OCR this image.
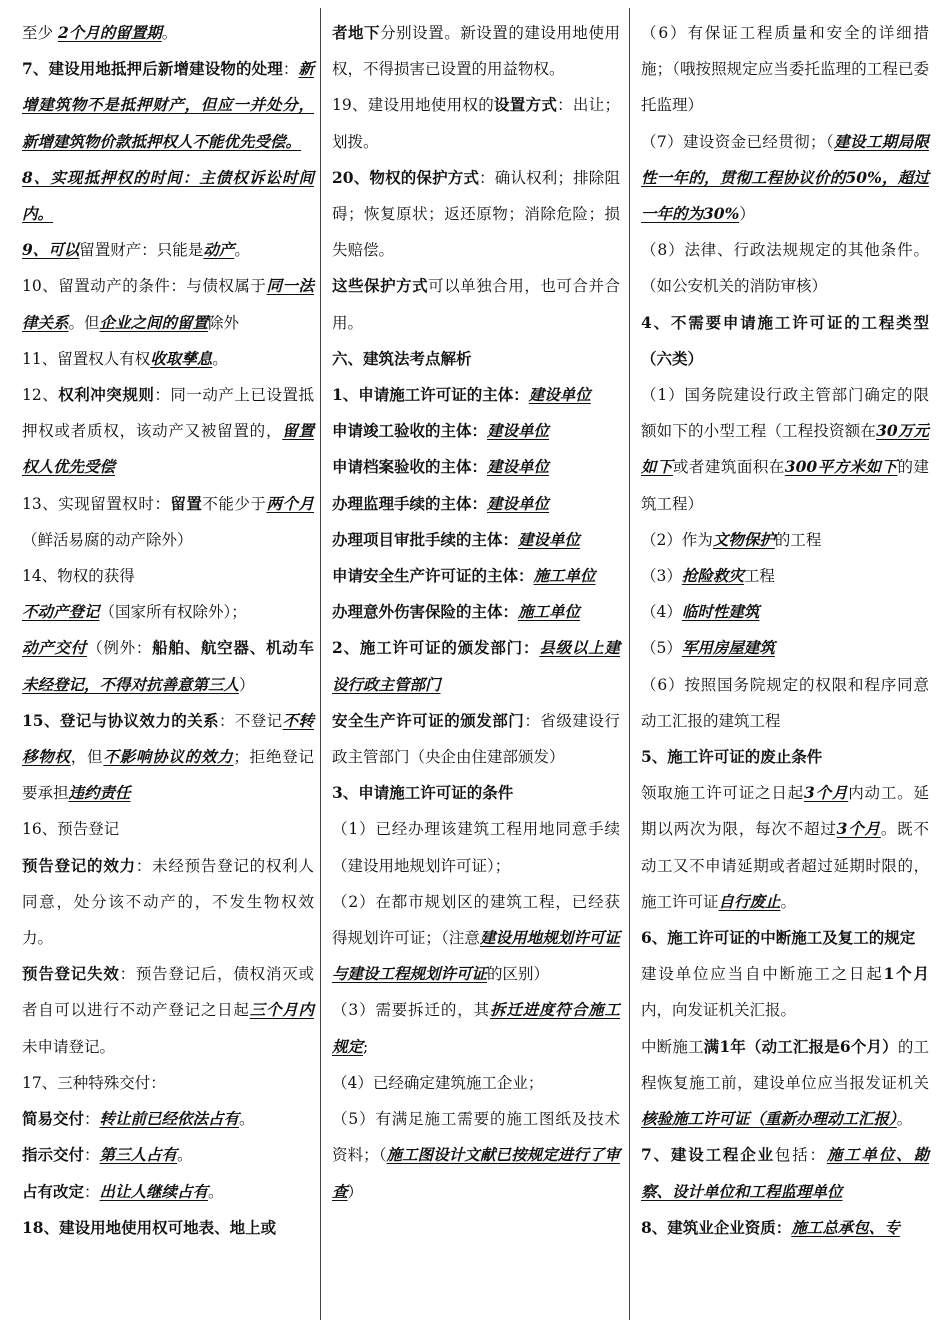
至少 2个月的留置期。

7、建设用地抵押后新增建设物的处理：新增建筑物不是抵押财产，但应一并处分，新增建筑物价款抵押权人不能优先受偿。

8、实现抵押权的时间：主债权诉讼时间内。

9、可以留置财产：只能是动产。

10、留置动产的条件：与债权属于同一法律关系。但企业之间的留置除外

11、留置权人有权收取孳息。

12、权利冲突规则：同一动产上已设置抵押权或者质权，该动产又被留置的，留置权人优先受偿

13、实现留置权时：留置不能少于两个月（鲜活易腐的动产除外）

14、物权的获得

不动产登记（国家所有权除外）；

动产交付（例外：船舶、航空器、机动车未经登记，不得对抗善意第三人）

15、登记与协议效力的关系：不登记不转移物权，但不影响协议的效力；拒绝登记要承担违约责任

16、预告登记

预告登记的效力：未经预告登记的权利人同意，处分该不动产的，不发生物权效力。

预告登记失效：预告登记后，债权消灭或者自可以进行不动产登记之日起三个月内未申请登记。

17、三种特殊交付：

简易交付：转让前已经依法占有。

指示交付：第三人占有。

占有改定：出让人继续占有。

18、建设用地使用权可地表、地上或

者地下分别设置。新设置的建设用地使用权，不得损害已设置的用益物权。

19、建设用地使用权的设置方式：出让；划拨。

20、物权的保护方式：确认权利；排除阻碍；恢复原状；返还原物；消除危险；损失赔偿。

这些保护方式可以单独合用，也可合并合用。

六、建筑法考点解析

1、申请施工许可证的主体：建设单位

申请竣工验收的主体：建设单位

申请档案验收的主体：建设单位

办理监理手续的主体：建设单位

办理项目审批手续的主体：建设单位

申请安全生产许可证的主体：施工单位

办理意外伤害保险的主体：施工单位

2、施工许可证的颁发部门：县级以上建设行政主管部门

安全生产许可证的颁发部门：省级建设行政主管部门（央企由住建部颁发）

3、申请施工许可证的条件

（1）已经办理该建筑工程用地同意手续（建设用地规划许可证）；

（2）在都市规划区的建筑工程，已经获得规划许可证；（注意建设用地规划许可证与建设工程规划许可证的区别）

（3）需要拆迁的，其拆迁进度符合施工规定;

（4）已经确定建筑施工企业；

（5）有满足施工需要的施工图纸及技术资料；（施工图设计文献已按规定进行了审查）

（6）有保证工程质量和安全的详细措施；（哦按照规定应当委托监理的工程已委托监理）

（7）建设资金已经贯彻；（建设工期局限性一年的，贯彻工程协议价的50%，超过一年的为30%）

（8）法律、行政法规规定的其他条件。（如公安机关的消防审核）

4、不需要申请施工许可证的工程类型（六类）

（1）国务院建设行政主管部门确定的限额如下的小型工程（工程投资额在30万元如下或者建筑面积在300平方米如下的建筑工程）

（2）作为文物保护的工程

（3）抢险救灾工程

（4）临时性建筑

（5）军用房屋建筑

（6）按照国务院规定的权限和程序同意动工汇报的建筑工程

5、施工许可证的废止条件

领取施工许可证之日起3个月内动工。延期以两次为限，每次不超过3个月。既不动工又不申请延期或者超过延期时限的，施工许可证自行废止。

6、施工许可证的中断施工及复工的规定

建设单位应当自中断施工之日起1个月内，向发证机关汇报。

中断施工满1年（动工汇报是6个月）的工程恢复施工前，建设单位应当报发证机关核验施工许可证（重新办理动工汇报）。

7、建设工程企业包括：施工单位、勘察、设计单位和工程监理单位

8、建筑业企业资质：施工总承包、专
